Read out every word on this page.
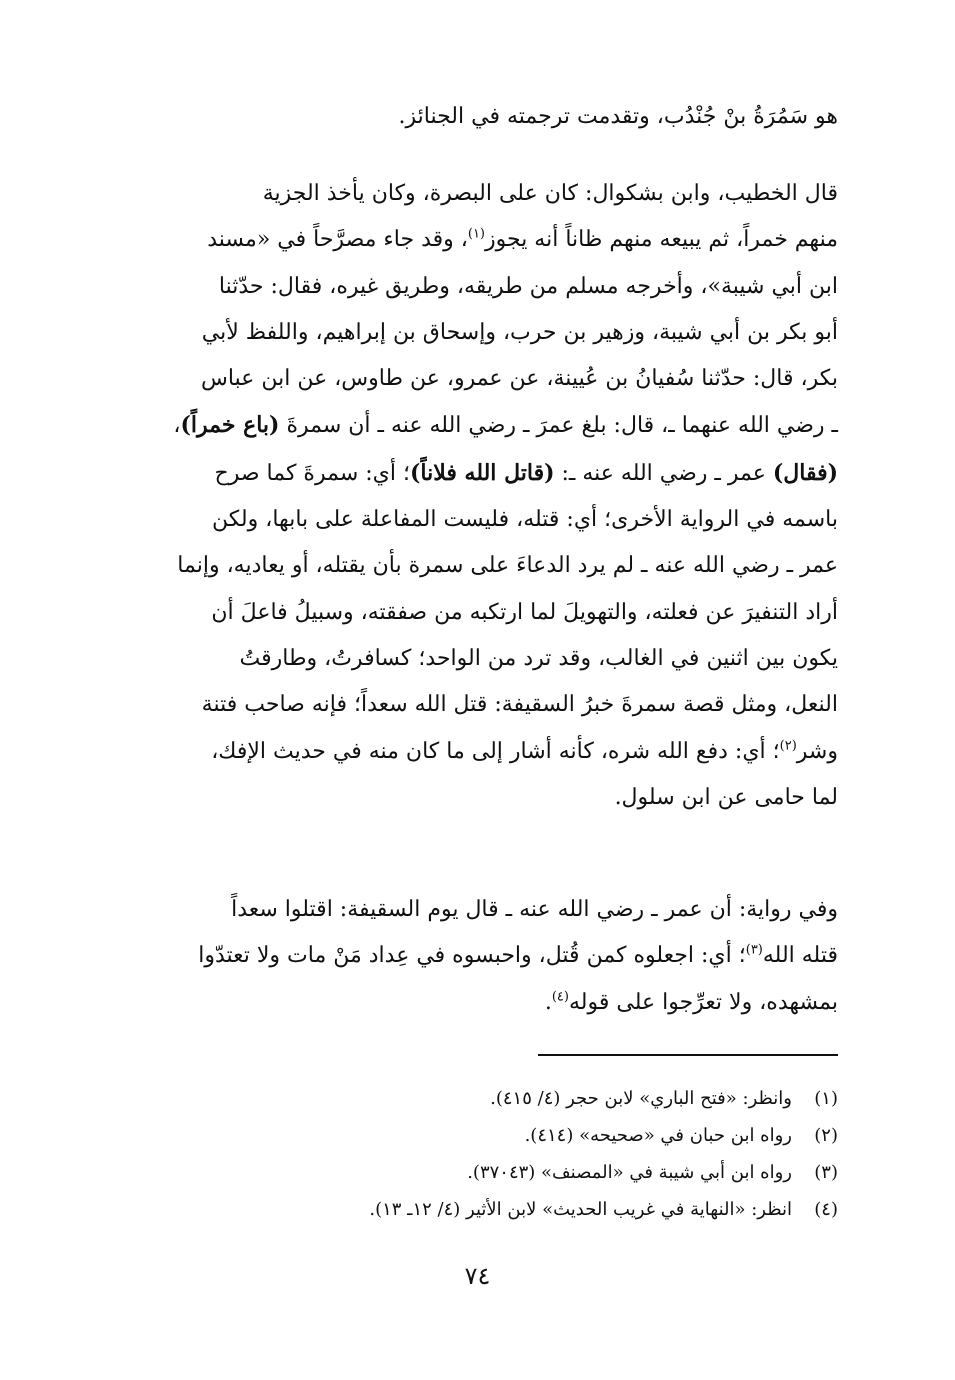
هو سَمُرَةُ بنْ جُنْدُب، وتقدمت ترجمته في الجنائز.
قال الخطيب، وابن بشكوال: كان على البصرة، وكان يأخذ الجزية
منهم خمراً، ثم يبيعه منهم ظاناً أنه يجوز$^{(١)}$، وقد جاء مصرَّحاً في «مسند
ابن أبي شيبة»، وأخرجه مسلم من طريقه، وطريق غيره، فقال: حدّثنا
أبو بكر بن أبي شيبة، وزهير بن حرب، وإسحاق بن إبراهيم، واللفظ لأبي
بكر، قال: حدّثنا سُفيانُ بن عُيينة، عن عمرو، عن طاوس، عن ابن عباس
ـ رضي الله عنهما ـ، قال: بلغ عمرَ ـ رضي الله عنه ـ أن سمرةَ (باع خمراً)،
(فقال) عمر ـ رضي الله عنه ـ: (قاتل الله فلاناً)؛ أي: سمرةَ كما صرح
باسمه في الرواية الأخرى؛ أي: قتله، فليست المفاعلة على بابها، ولكن
عمر ـ رضي الله عنه ـ لم يرد الدعاءَ على سمرة بأن يقتله، أو يعاديه، وإنما
أراد التنفيرَ عن فعلته، والتهويلَ لما ارتكبه من صفقته، وسبيلُ فاعلَ أن
يكون بين اثنين في الغالب، وقد ترد من الواحد؛ كسافرتُ، وطارقتُ
النعل، ومثل قصة سمرةَ خبرُ السقيفة: قتل الله سعداً؛ فإنه صاحب فتنة
وشر$^{(٢)}$؛ أي: دفع الله شره، كأنه أشار إلى ما كان منه في حديث الإفك،
لما حامى عن ابن سلول.
وفي رواية: أن عمر ـ رضي الله عنه ـ قال يوم السقيفة: اقتلوا سعداً
قتله الله$^{(٣)}$؛ أي: اجعلوه كمن قُتل، واحبسوه في عِداد مَنْ مات ولا تعتدّوا
بمشهده، ولا تعرِّجوا على قوله$^{(٤)}$.
(١)وانظر: «فتح الباري» لابن حجر (٤/ ٤١٥).
(٢)رواه ابن حبان في «صحيحه» (٤١٤).
(٣)رواه ابن أبي شيبة في «المصنف» (٣٧٠٤٣).
(٤)انظر: «النهاية في غريب الحديث» لابن الأثير (٤/ ١٢ـ ١٣).
٧٤
